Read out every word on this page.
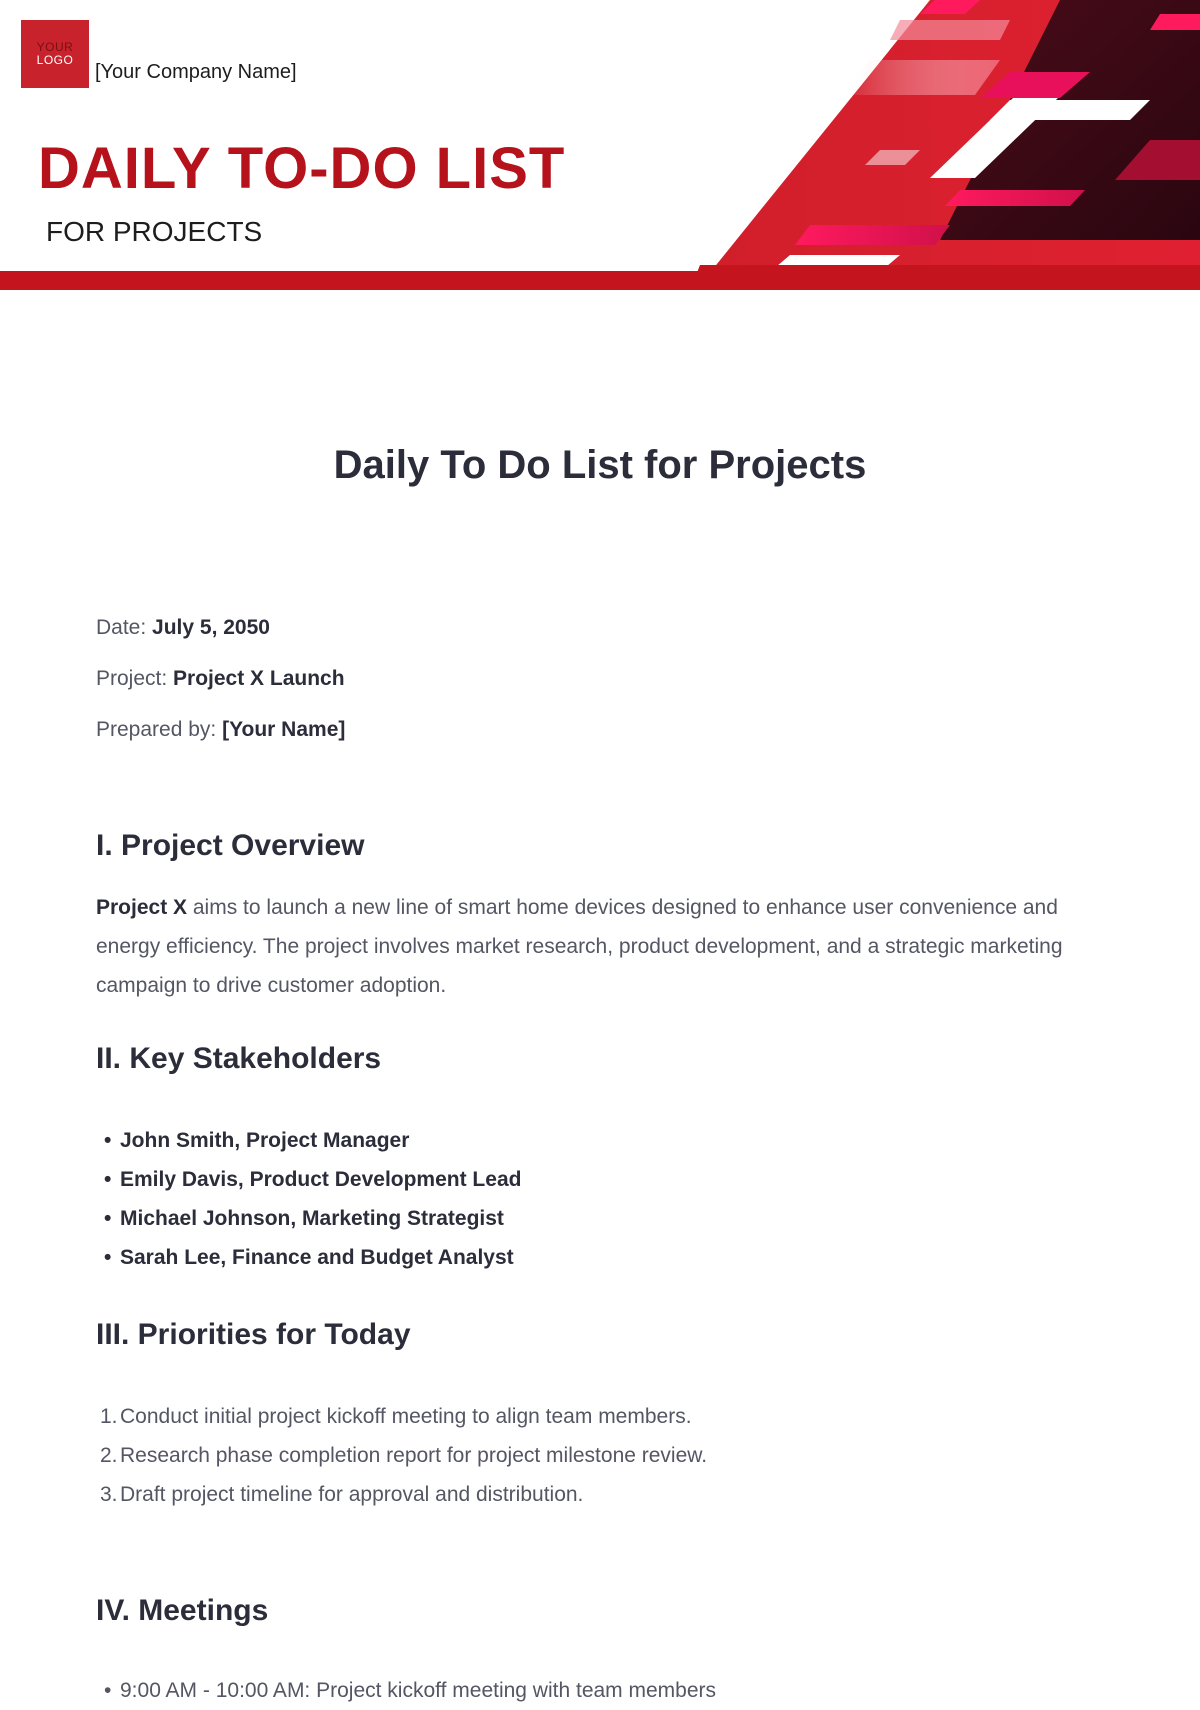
YOUR
LOGO
[Your Company Name]
DAILY TO-DO LIST
FOR PROJECTS
Daily To Do List for Projects
Date: July 5, 2050
Project: Project X Launch
Prepared by: [Your Name]
I. Project Overview

Project X aims to launch a new line of smart home devices designed to enhance user convenience and energy efficiency. The project involves market research, product development, and a strategic marketing campaign to drive customer adoption.

II. Key Stakeholders
• John Smith, Project Manager
• Emily Davis, Product Development Lead
• Michael Johnson, Marketing Strategist
• Sarah Lee, Finance and Budget Analyst
III. Priorities for Today
1. Conduct initial project kickoff meeting to align team members.
2. Research phase completion report for project milestone review.
3. Draft project timeline for approval and distribution.
IV. Meetings
• 9:00 AM - 10:00 AM: Project kickoff meeting with team members
